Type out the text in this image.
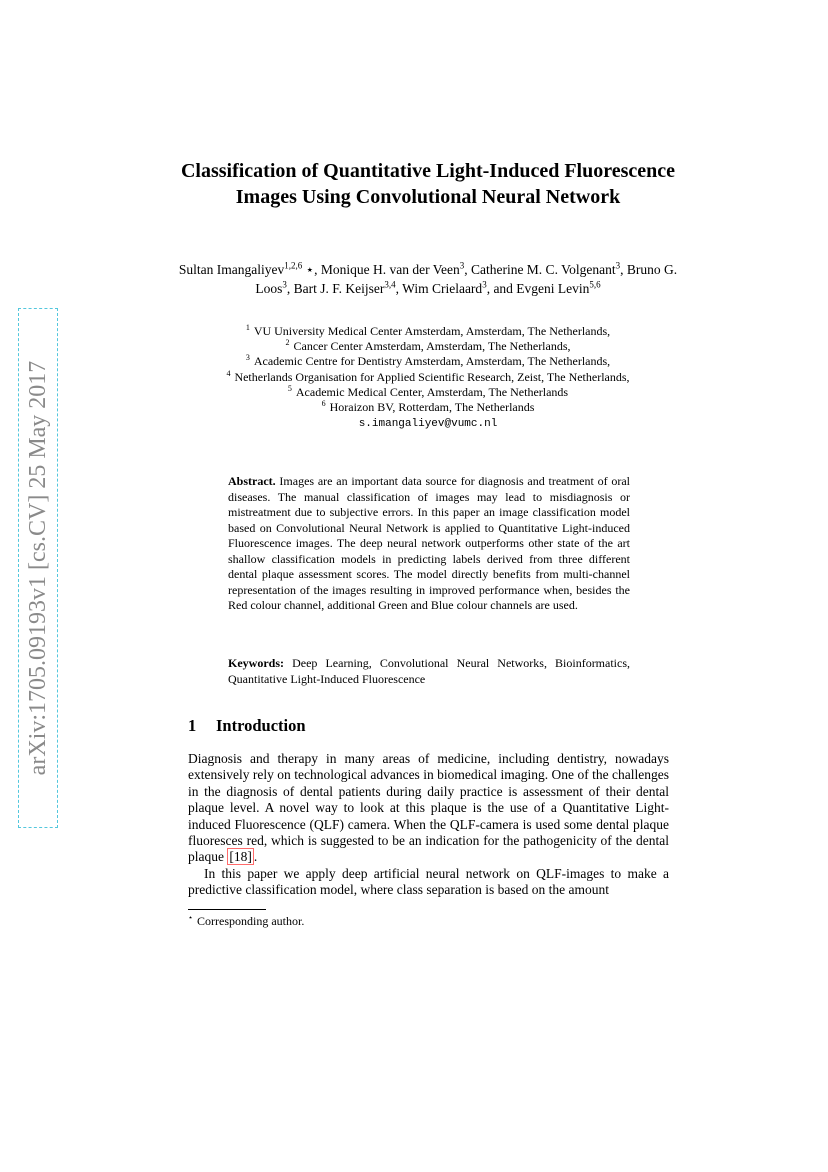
arXiv:1705.09193v1 [cs.CV] 25 May 2017
Classification of Quantitative Light-Induced Fluorescence Images Using Convolutional Neural Network
Sultan Imangaliyev$^{1,2,6}$ ⋆, Monique H. van der Veen$^3$, Catherine M. C. Volgenant$^3$, Bruno G. Loos$^3$, Bart J. F. Keijser$^{3,4}$, Wim Crielaard$^3$, and Evgeni Levin$^{5,6}$
$^1$ VU University Medical Center Amsterdam, Amsterdam, The Netherlands,
$^2$ Cancer Center Amsterdam, Amsterdam, The Netherlands,
$^3$ Academic Centre for Dentistry Amsterdam, Amsterdam, The Netherlands,
$^4$ Netherlands Organisation for Applied Scientific Research, Zeist, The Netherlands,
$^5$ Academic Medical Center, Amsterdam, The Netherlands
$^6$ Horaizon BV, Rotterdam, The Netherlands
s.imangaliyev@vumc.nl
Abstract. Images are an important data source for diagnosis and treatment of oral diseases. The manual classification of images may lead to misdiagnosis or mistreatment due to subjective errors. In this paper an image classification model based on Convolutional Neural Network is applied to Quantitative Light-induced Fluorescence images. The deep neural network outperforms other state of the art shallow classification models in predicting labels derived from three different dental plaque assessment scores. The model directly benefits from multi-channel representation of the images resulting in improved performance when, besides the Red colour channel, additional Green and Blue colour channels are used.
Keywords: Deep Learning, Convolutional Neural Networks, Bioinformatics, Quantitative Light-Induced Fluorescence
1 Introduction

Diagnosis and therapy in many areas of medicine, including dentistry, nowadays extensively rely on technological advances in biomedical imaging. One of the challenges in the diagnosis of dental patients during daily practice is assessment of their dental plaque level. A novel way to look at this plaque is the use of a Quantitative Light-induced Fluorescence (QLF) camera. When the QLF-camera is used some dental plaque fluoresces red, which is suggested to be an indication for the pathogenicity of the dental plaque [18] .

In this paper we apply deep artificial neural network on QLF-images to make a predictive classification model, where class separation is based on the amount

⋆ Corresponding author.
